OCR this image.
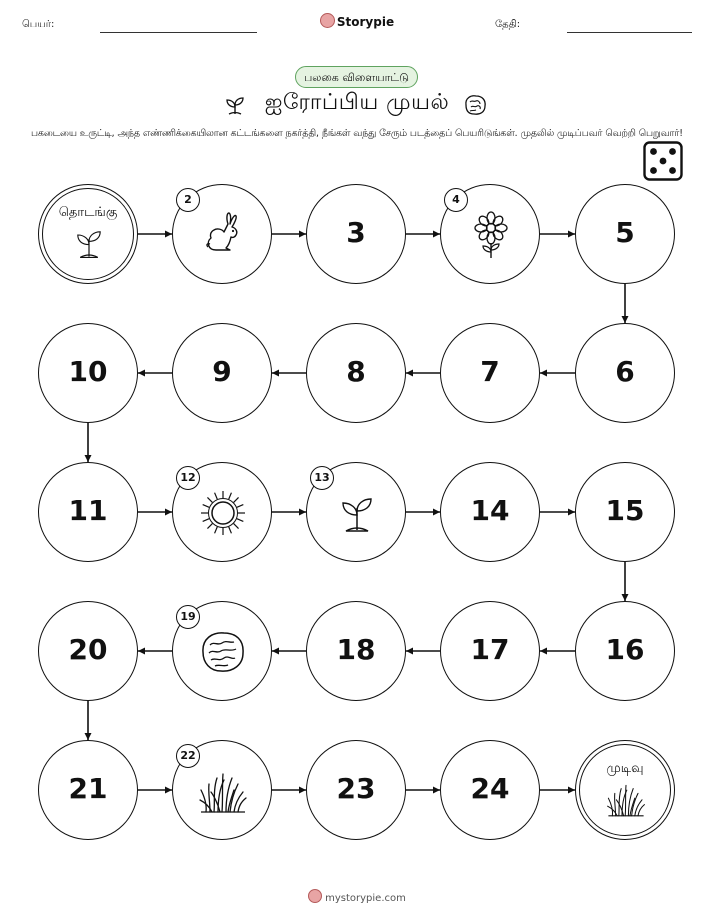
பெயர்:	Storypie	தேதி:
பலகை விளையாட்டு
ஐரோப்பிய முயல்
பகடையை உருட்டி, அந்த எண்ணிக்கையிலான கட்டங்களை நகர்த்தி, நீங்கள் வந்து சேரும் படத்தைப் பெயரிடுங்கள். முதலில் முடிப்பவர் வெற்றி பெறுவார்!
தொடங்கு
2
3
4
5
10	9	8	7	6
11
12	13
14	15
20
19
18	17	16
21
22
23	24
முடிவு
mystorypie.com
